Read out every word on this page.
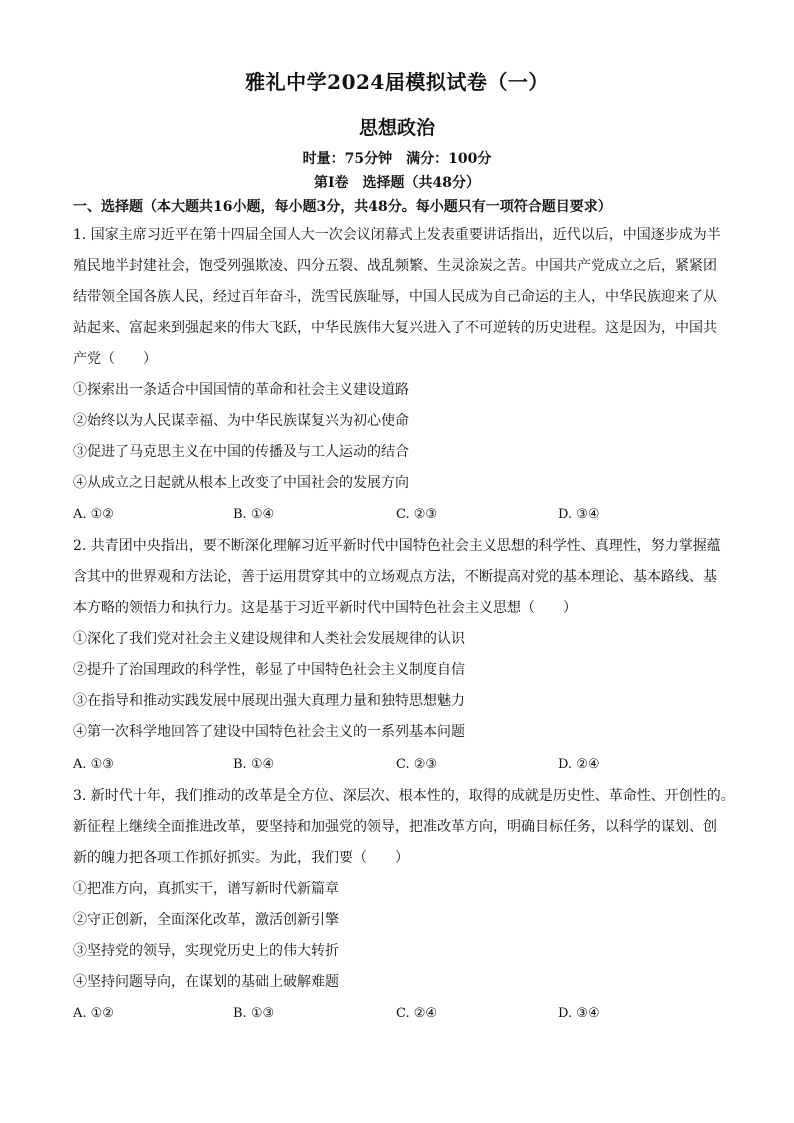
雅礼中学2024届模拟试卷（一）
思想政治
时量：75分钟　满分：100分
第Ⅰ卷　选择题（共48分）
一、选择题（本大题共16小题，每小题3分，共48分。每小题只有一项符合题目要求）
1. 国家主席习近平在第十四届全国人大一次会议闭幕式上发表重要讲话指出，近代以后，中国逐步成为半
殖民地半封建社会，饱受列强欺凌、四分五裂、战乱频繁、生灵涂炭之苦。中国共产党成立之后，紧紧团
结带领全国各族人民，经过百年奋斗，洗雪民族耻辱，中国人民成为自己命运的主人，中华民族迎来了从
站起来、富起来到强起来的伟大飞跃，中华民族伟大复兴进入了不可逆转的历史进程。这是因为，中国共
产党（　　）
①探索出一条适合中国国情的革命和社会主义建设道路
②始终以为人民谋幸福、为中华民族谋复兴为初心使命
③促进了马克思主义在中国的传播及与工人运动的结合
④从成立之日起就从根本上改变了中国社会的发展方向
A. ①②	B. ①④	C. ②③	D. ③④
2. 共青团中央指出，要不断深化理解习近平新时代中国特色社会主义思想的科学性、真理性，努力掌握蕴
含其中的世界观和方法论，善于运用贯穿其中的立场观点方法，不断提高对党的基本理论、基本路线、基
本方略的领悟力和执行力。这是基于习近平新时代中国特色社会主义思想（　　）
①深化了我们党对社会主义建设规律和人类社会发展规律的认识
②提升了治国理政的科学性，彰显了中国特色社会主义制度自信
③在指导和推动实践发展中展现出强大真理力量和独特思想魅力
④第一次科学地回答了建设中国特色社会主义的一系列基本问题
A. ①③	B. ①④	C. ②③	D. ②④
3. 新时代十年，我们推动的改革是全方位、深层次、根本性的，取得的成就是历史性、革命性、开创性的。
新征程上继续全面推进改革，要坚持和加强党的领导，把准改革方向，明确目标任务，以科学的谋划、创
新的魄力把各项工作抓好抓实。为此，我们要（　　）
①把准方向，真抓实干，谱写新时代新篇章
②守正创新，全面深化改革，激活创新引擎
③坚持党的领导，实现党历史上的伟大转折
④坚持问题导向，在谋划的基础上破解难题
A. ①②	B. ①③	C. ②④	D. ③④
